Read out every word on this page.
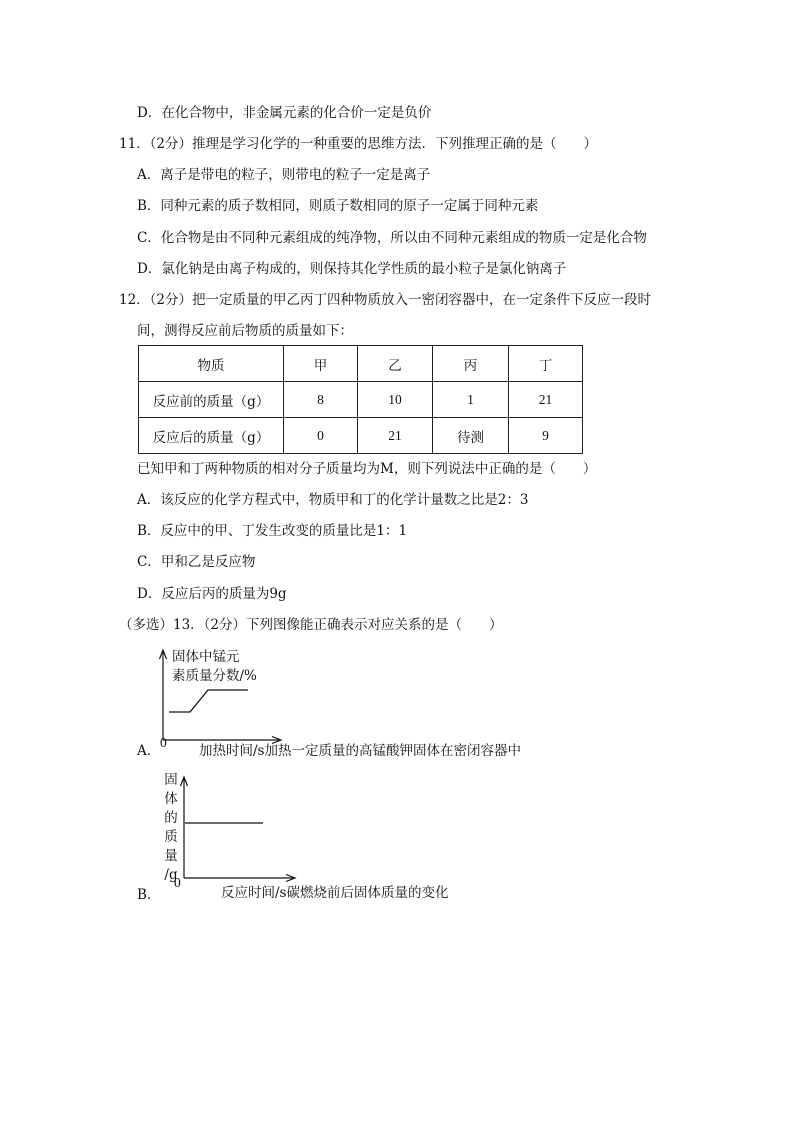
D．在化合物中，非金属元素的化合价一定是负价
11．（2分）推理是学习化学的一种重要的思维方法．下列推理正确的是（　　）
A．离子是带电的粒子，则带电的粒子一定是离子
B．同种元素的质子数相同，则质子数相同的原子一定属于同种元素
C．化合物是由不同种元素组成的纯净物，所以由不同种元素组成的物质一定是化合物
D．氯化钠是由离子构成的，则保持其化学性质的最小粒子是氯化钠离子
12．（2分）把一定质量的甲乙丙丁四种物质放入一密闭容器中，在一定条件下反应一段时
间，测得反应前后物质的质量如下：
物质	甲	乙	丙	丁
反应前的质量（g）	8	10	1	21
反应后的质量（g）	0	21	待测	9
已知甲和丁两种物质的相对分子质量均为M，则下列说法中正确的是（　　）
A．该反应的化学方程式中，物质甲和丁的化学计量数之比是2：3
B．反应中的甲、丁发生改变的质量比是1：1
C．甲和乙是反应物
D．反应后丙的质量为9g
（多选）13．（2分）下列图像能正确表示对应关系的是（　　）
固体中锰元
素质量分数/%
0
A．	加热时间/s加热一定质量的高锰酸钾固体在密闭容器中
固
体
的
质
量
/g
0
B．	反应时间/s碳燃烧前后固体质量的变化
